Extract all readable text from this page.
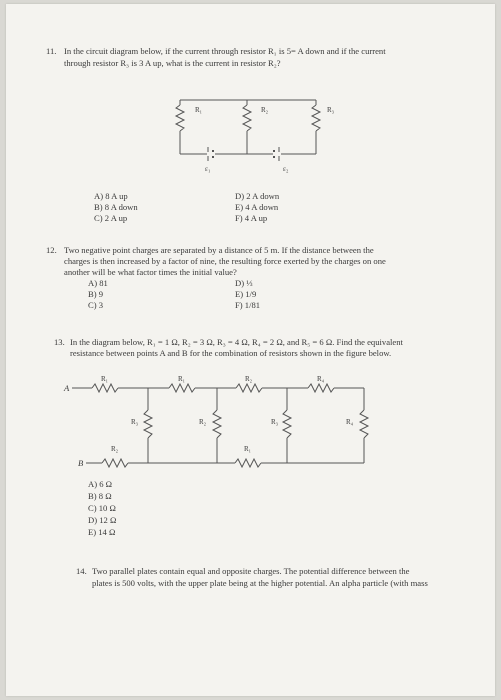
11. In the circuit diagram below, if the current through resistor R₁ is 5= A down and if the current
through resistor R₃ is 3 A up, what is the current in resistor R₂?
R₁	R₂	R₃
ε₁	ε₂
A) 8 A up
B) 8 A down
C) 2 A up
D) 2 A down
E) 4 A down
F) 4 A up
12. Two negative point charges are separated by a distance of 5 m. If the distance between the
charges is then increased by a factor of nine, the resulting force exerted by the charges on one
another will be what factor times the initial value?
A) 81
B) 9
C) 3
D) ⅓
E) 1/9
F) 1/81
13. In the diagram below, R₁ = 1 Ω, R₂ = 3 Ω, R₃ = 4 Ω, R₄ = 2 Ω, and R₅ = 6 Ω. Find the equivalent
resistance between points A and B for the combination of resistors shown in the figure below.
A
B
R₁	R₁	R₂	R₄
R₃	R₂	R₃	R₄
R₂	R₁
A) 6 Ω
B) 8 Ω
C) 10 Ω
D) 12 Ω
E) 14 Ω
14. Two parallel plates contain equal and opposite charges. The potential difference between the
plates is 500 volts, with the upper plate being at the higher potential. An alpha particle (with mass
